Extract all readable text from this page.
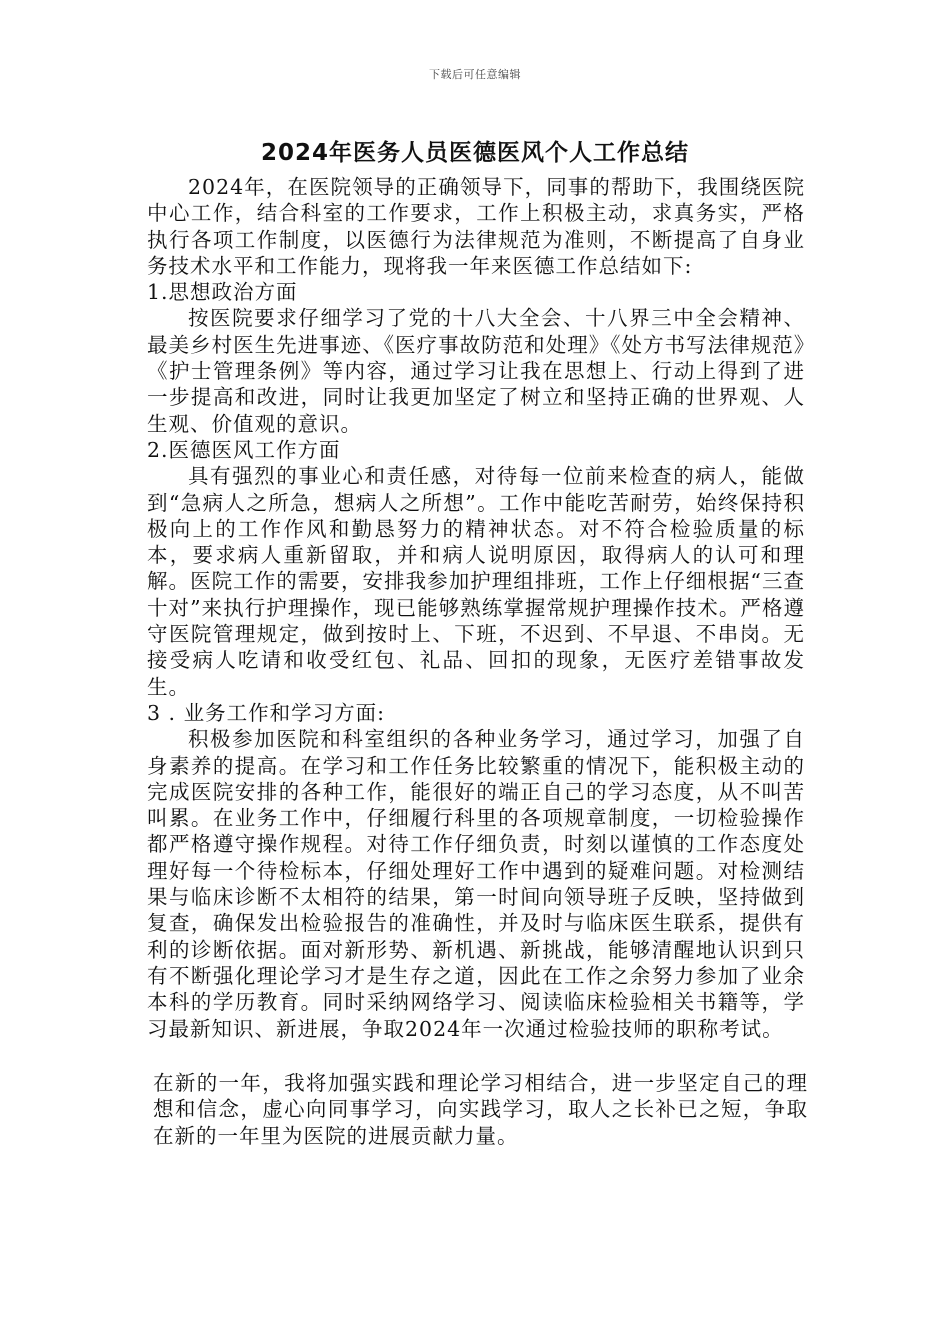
下载后可任意编辑
2024年医务人员医德医风个人工作总结

2024年，在医院领导的正确领导下，同事的帮助下，我围绕医院中心工作，结合科室的工作要求，工作上积极主动，求真务实，严格执行各项工作制度，以医德行为法律规范为准则，不断提高了自身业务技术水平和工作能力，现将我一年来医德工作总结如下:

1.思想政治方面

按医院要求仔细学习了党的十八大全会、十八界三中全会精神、最美乡村医生先进事迹、《医疗事故防范和处理》《处方书写法律规范》《护士管理条例》等内容，通过学习让我在思想上、行动上得到了进一步提高和改进，同时让我更加坚定了树立和坚持正确的世界观、人生观、价值观的意识。

2.医德医风工作方面

具有强烈的事业心和责任感，对待每一位前来检查的病人，能做到“急病人之所急，想病人之所想”。工作中能吃苦耐劳，始终保持积极向上的工作作风和勤恳努力的精神状态。对不符合检验质量的标本，要求病人重新留取，并和病人说明原因，取得病人的认可和理解。医院工作的需要，安排我参加护理组排班，工作上仔细根据“三查十对”来执行护理操作，现已能够熟练掌握常规护理操作技术。严格遵守医院管理规定，做到按时上、下班，不迟到、不早退、不串岗。无接受病人吃请和收受红包、礼品、回扣的现象，无医疗差错事故发生。

3 . 业务工作和学习方面:

积极参加医院和科室组织的各种业务学习，通过学习，加强了自身素养的提高。在学习和工作任务比较繁重的情况下，能积极主动的完成医院安排的各种工作，能很好的端正自己的学习态度，从不叫苦叫累。在业务工作中，仔细履行科里的各项规章制度，一切检验操作都严格遵守操作规程。对待工作仔细负责，时刻以谨慎的工作态度处理好每一个待检标本，仔细处理好工作中遇到的疑难问题。对检测结果与临床诊断不太相符的结果，第一时间向领导班子反映，坚持做到复查，确保发出检验报告的准确性，并及时与临床医生联系，提供有利的诊断依据。面对新形势、新机遇、新挑战，能够清醒地认识到只有不断强化理论学习才是生存之道，因此在工作之余努力参加了业余本科的学历教育。同时采纳网络学习、阅读临床检验相关书籍等，学习最新知识、新进展，争取2024年一次通过检验技师的职称考试。

在新的一年，我将加强实践和理论学习相结合，进一步坚定自己的理想和信念，虚心向同事学习，向实践学习，取人之长补已之短，争取在新的一年里为医院的进展贡献力量。
